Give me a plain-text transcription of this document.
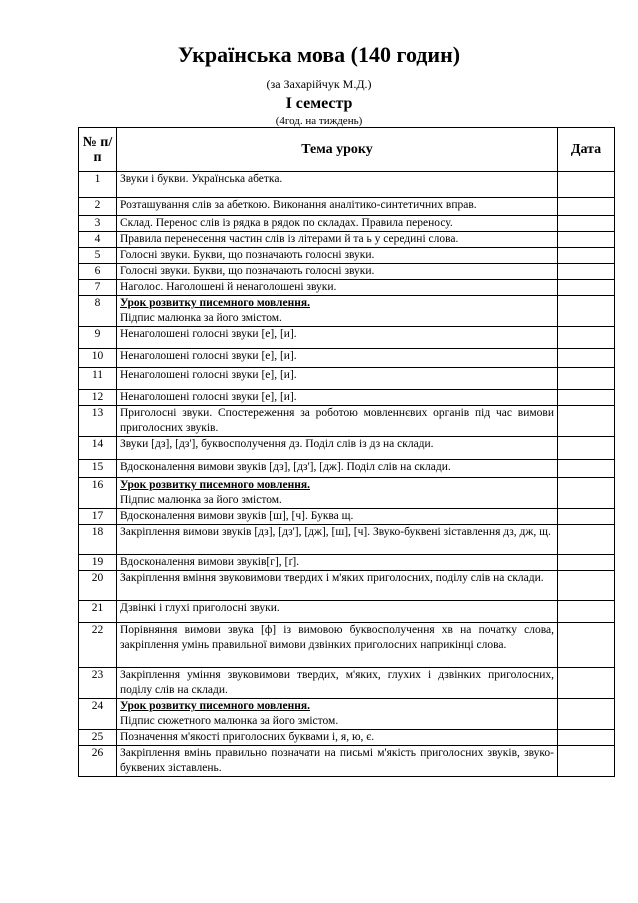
Українська мова (140 годин)
(за Захарійчук М.Д.)
І семестр
(4год. на тиждень)
№ п/п	Тема уроку	Дата
1	Звуки і букви. Українська абетка.	
2	Розташування слів за абеткою. Виконання аналітико-синтетичних вправ.	
3	Склад. Перенос слів із рядка в рядок по складах. Правила переносу.	
4	Правила перенесення частин слів із літерами й та ь у середині слова.	
5	Голосні звуки. Букви, що позначають голосні звуки.	
6	Голосні звуки. Букви, що позначають голосні звуки.	
7	Наголос. Наголошені й ненаголошені звуки.	
8	Урок розвитку писемного мовлення.
Підпис малюнка за його змістом.	

9	Ненаголошені голосні звуки [е], [и].	
10	Ненаголошені голосні звуки [е], [и].	
11	Ненаголошені голосні звуки [е], [и].	
12	Ненаголошені голосні звуки [е], [и].	
13	Приголосні звуки. Спостереження за роботою мовленнєвих органів під час вимови приголосних звуків.	
14	Звуки [дз], [дз'], буквосполучення дз. Поділ слів із дз на склади.	
15	Вдосконалення вимови звуків [дз], [дз'], [дж]. Поділ слів на склади.	
16	Урок розвитку писемного мовлення.
Підпис малюнка за його змістом.	

17	Вдосконалення вимови звуків [ш], [ч]. Буква щ.	
18	Закріплення вимови звуків [дз], [дз'], [дж], [ш], [ч]. Звуко-буквені зіставлення дз, дж, щ.	
19	Вдосконалення вимови звуків[г], [ґ].	
20	Закріплення вміння звуковимови твердих і м'яких приголосних, поділу слів на склади.	
21	Дзвінкі і глухі приголосні звуки.	
22	Порівняння вимови звука [ф] із вимовою буквосполучення хв на початку слова, закріплення умінь правильної вимови дзвінких приголосних наприкінці слова.	
23	Закріплення уміння звуковимови твердих, м'яких, глухих і дзвінких приголосних, поділу слів на склади.	
24	Урок розвитку писемного мовлення.
Підпис сюжетного малюнка за його змістом.	

25	Позначення м'якості приголосних буквами і, я, ю, є.	
26	Закріплення вмінь правильно позначати на письмі м'якість приголосних звуків, звуко-буквених зіставлень.	
